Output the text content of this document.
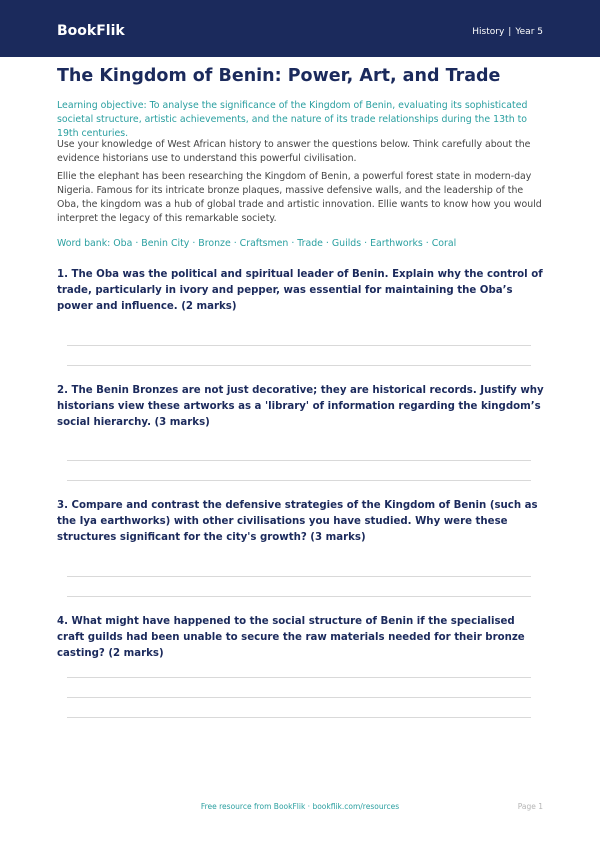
BookFlik	History | Year 5
The Kingdom of Benin: Power, Art, and Trade
Learning objective: To analyse the significance of the Kingdom of Benin, evaluating its sophisticated societal structure, artistic achievements, and the nature of its trade relationships during the 13th to 19th centuries.
Use your knowledge of West African history to answer the questions below. Think carefully about the evidence historians use to understand this powerful civilisation.
Ellie the elephant has been researching the Kingdom of Benin, a powerful forest state in modern-day Nigeria. Famous for its intricate bronze plaques, massive defensive walls, and the leadership of the Oba, the kingdom was a hub of global trade and artistic innovation. Ellie wants to know how you would interpret the legacy of this remarkable society.
Word bank: Oba · Benin City · Bronze · Craftsmen · Trade · Guilds · Earthworks · Coral
1. The Oba was the political and spiritual leader of Benin. Explain why the control of trade, particularly in ivory and pepper, was essential for maintaining the Oba’s power and influence. (2 marks)
2. The Benin Bronzes are not just decorative; they are historical records. Justify why historians view these artworks as a 'library' of information regarding the kingdom’s social hierarchy. (3 marks)
3. Compare and contrast the defensive strategies of the Kingdom of Benin (such as the Iya earthworks) with other civilisations you have studied. Why were these structures significant for the city's growth? (3 marks)
4. What might have happened to the social structure of Benin if the specialised craft guilds had been unable to secure the raw materials needed for their bronze casting? (2 marks)
Free resource from BookFlik · bookflik.com/resources	Page 1
